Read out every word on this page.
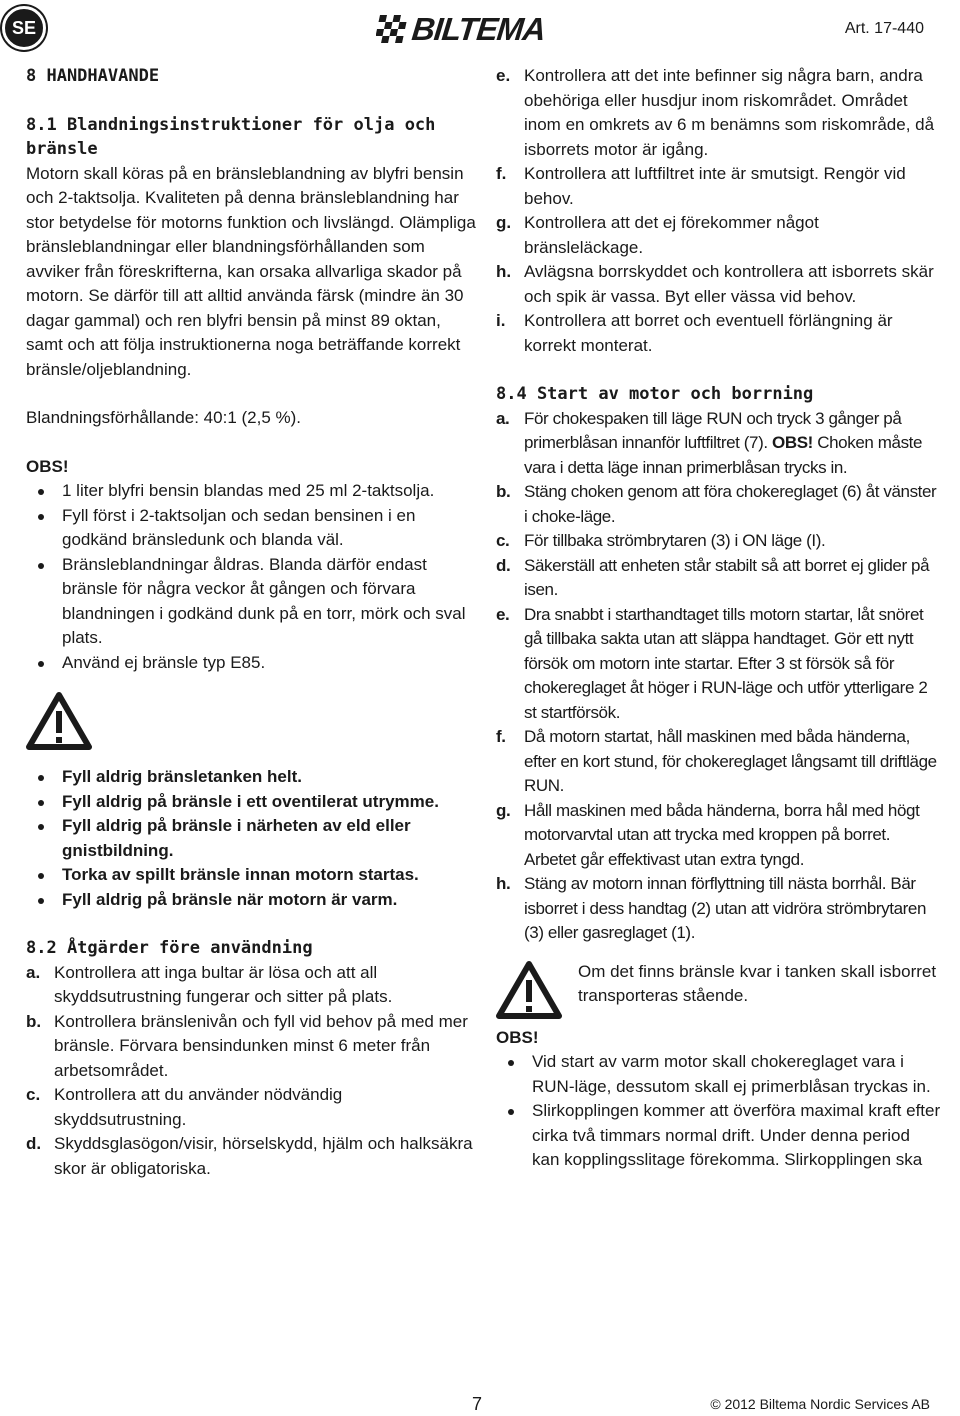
SE	BILTEMA	Art. 17-440
8 HANDHAVANDE
8.1 Blandningsinstruktioner för olja och bränsle

Motorn skall köras på en bränsleblandning av blyfri bensin och 2-taktsolja. Kvaliteten på denna bränsleblandning har stor betydelse för motorns funktion och livslängd. Olämpliga bränsleblandningar eller blandningsförhållanden som avviker från föreskrifterna, kan orsaka allvarliga skador på motorn. Se därför till att alltid använda färsk (mindre än 30 dagar gammal) och ren blyfri bensin på minst 89 oktan, samt och att följa instruktionerna noga beträffande korrekt bränsle/oljeblandning.

Blandningsförhållande: 40:1 (2,5 %).

OBS!

1 liter blyfri bensin blandas med 25 ml 2-taktsolja.
Fyll först i 2-taktsoljan och sedan bensinen i en godkänd bränsledunk och blanda väl.
Bränsleblandningar åldras. Blanda därför endast bränsle för några veckor åt gången och förvara blandningen i godkänd dunk på en torr, mörk och sval plats.
Använd ej bränsle typ E85.
Fyll aldrig bränsletanken helt.
Fyll aldrig på bränsle i ett oventilerat utrymme.
Fyll aldrig på bränsle i närheten av eld eller gnistbildning.
Torka av spillt bränsle innan motorn startas.
Fyll aldrig på bränsle när motorn är varm.
8.2 Åtgärder före användning
a. Kontrollera att inga bultar är lösa och att all skyddsutrustning fungerar och sitter på plats.
b. Kontrollera bränslenivån och fyll vid behov på med mer bränsle. Förvara bensindunken minst 6 meter från arbetsområdet.
c. Kontrollera att du använder nödvändig skyddsutrustning.
d. Skyddsglasögon/visir, hörselskydd, hjälm och halksäkra skor är obligatoriska.
e. Kontrollera att det inte befinner sig några barn, andra obehöriga eller husdjur inom riskområdet. Området inom en omkrets av 6 m benämns som riskområde, då isborrets motor är igång.
f. Kontrollera att luftfiltret inte är smutsigt. Rengör vid behov.
g. Kontrollera att det ej förekommer något bränsleläckage.
h. Avlägsna borrskyddet och kontrollera att isborrets skär och spik är vassa. Byt eller vässa vid behov.
i. Kontrollera att borret och eventuell förlängning är korrekt monterat.
8.4 Start av motor och borrning
a. För chokespaken till läge RUN och tryck 3 gånger på primerblåsan innanför luftfiltret (7). OBS! Choken måste vara i detta läge innan primerblåsan trycks in.
b. Stäng choken genom att föra chokereglaget (6) åt vänster i choke-läge.
c. För tillbaka strömbrytaren (3) i ON läge (I).
d. Säkerställ att enheten står stabilt så att borret ej glider på isen.
e. Dra snabbt i starthandtaget tills motorn startar, låt snöret gå tillbaka sakta utan att släppa handtaget. Gör ett nytt försök om motorn inte startar. Efter 3 st försök så för chokereglaget åt höger i RUN-läge och utför ytterligare 2 st startförsök.
f. Då motorn startat, håll maskinen med båda händerna, efter en kort stund, för chokereglaget långsamt till driftläge RUN.
g. Håll maskinen med båda händerna, borra hål med högt motorvarvtal utan att trycka med kroppen på borret. Arbetet går effektivast utan extra tyngd.
h. Stäng av motorn innan förflyttning till nästa borrhål. Bär isborret i dess handtag (2) utan att vidröra strömbrytaren (3) eller gasreglaget (1).

Om det finns bränsle kvar i tanken skall isborret transporteras stående.

OBS!

Vid start av varm motor skall chokereglaget vara i RUN-läge, dessutom skall ej primerblåsan tryckas in.
Slirkopplingen kommer att överföra maximal kraft efter cirka två timmars normal drift. Under denna period kan kopplingsslitage förekomma. Slirkopplingen ska
7	© 2012 Biltema Nordic Services AB
